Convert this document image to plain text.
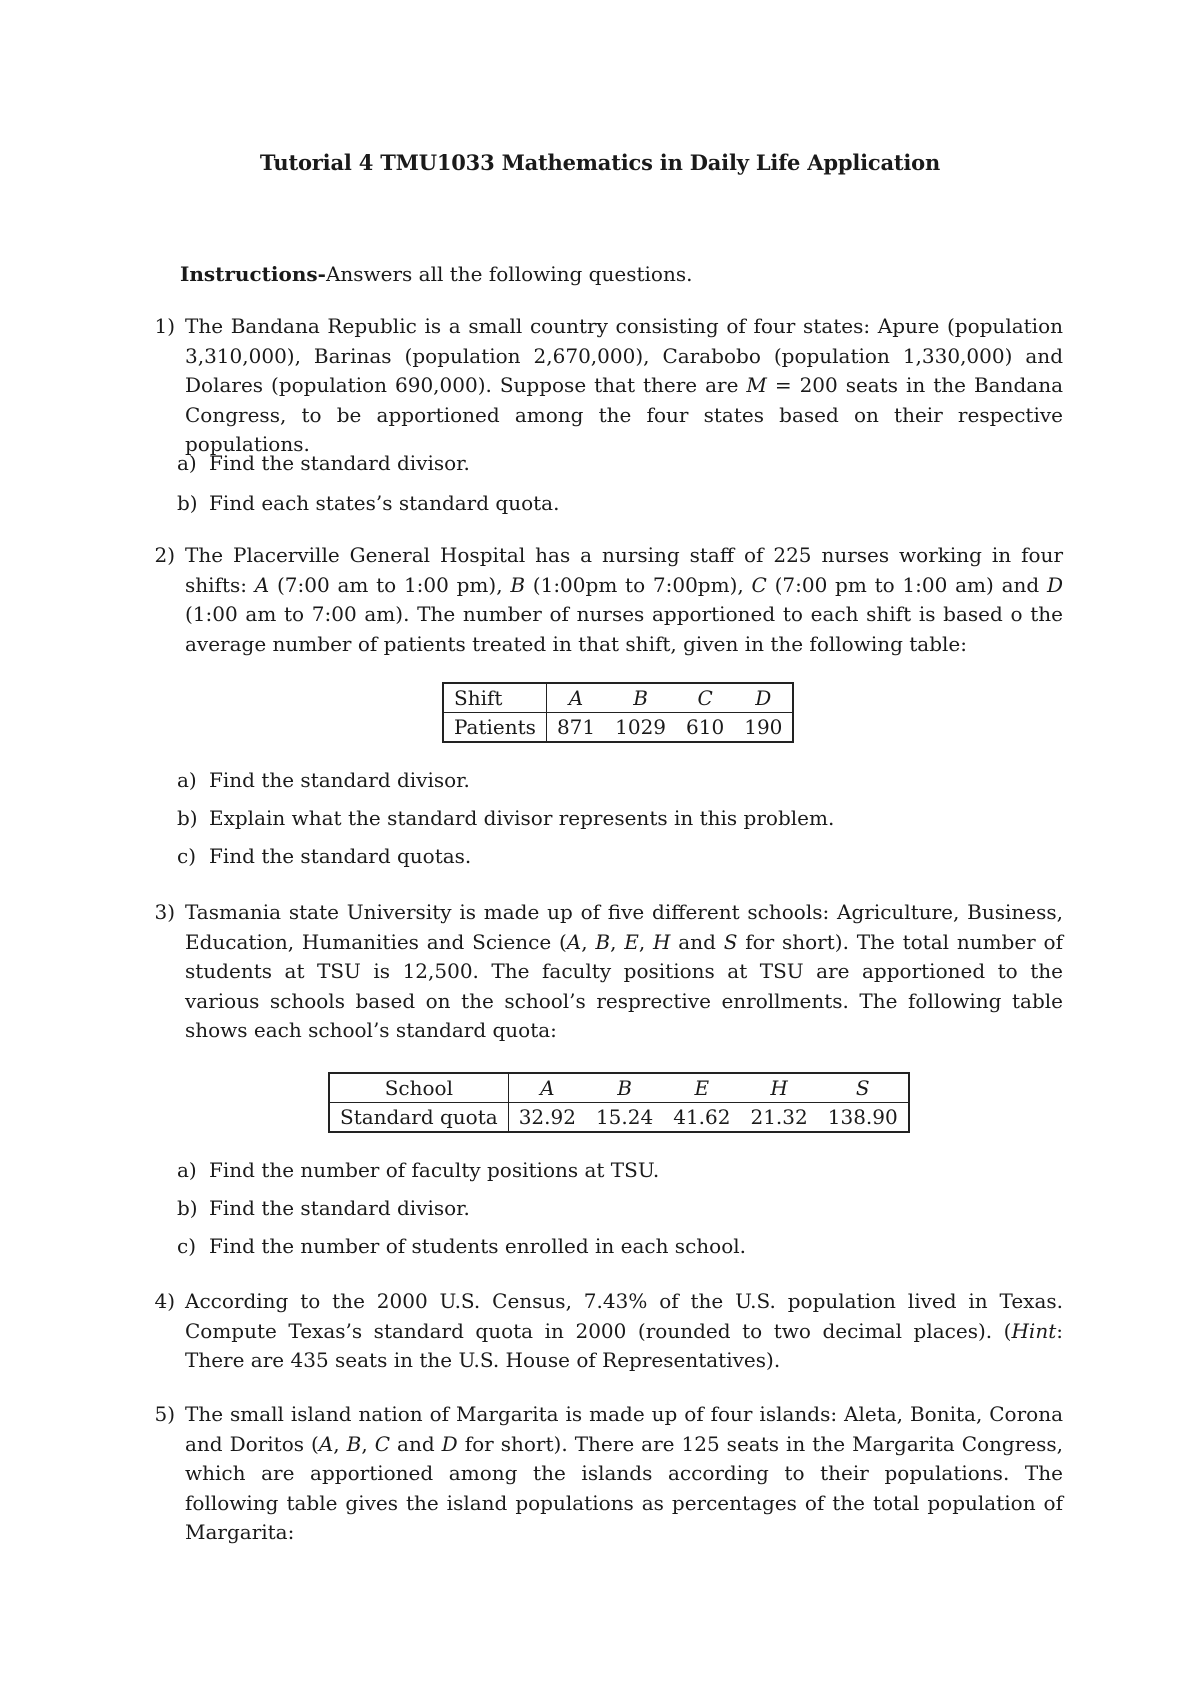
Tutorial 4 TMU1033 Mathematics in Daily Life Application
Instructions-Answers all the following questions.
1) The Bandana Republic is a small country consisting of four states: Apure (population 3,310,000), Barinas (population 2,670,000), Carabobo (population 1,330,000) and Dolares (population 690,000). Suppose that there are M = 200 seats in the Bandana Congress, to be apportioned among the four states based on their respective populations.
a) Find the standard divisor.
b) Find each states’s standard quota.
2) The Placerville General Hospital has a nursing staff of 225 nurses working in four shifts: A (7:00 am to 1:00 pm), B (1:00pm to 7:00pm), C (7:00 pm to 1:00 am) and D (1:00 am to 7:00 am). The number of nurses apportioned to each shift is based o the average number of patients treated in that shift, given in the following table:
Shift	A	B	C	D
Patients	871	1029	610	190
a) Find the standard divisor.
b) Explain what the standard divisor represents in this problem.
c) Find the standard quotas.
3) Tasmania state University is made up of five different schools: Agriculture, Business, Education, Humanities and Science (A, B, E, H and S for short). The total number of students at TSU is 12,500. The faculty positions at TSU are apportioned to the various schools based on the school’s resprective enrollments. The following table shows each school’s standard quota:
School	A	B	E	H	S
Standard quota	32.92	15.24	41.62	21.32	138.90
a) Find the number of faculty positions at TSU.
b) Find the standard divisor.
c) Find the number of students enrolled in each school.
4) According to the 2000 U.S. Census, 7.43% of the U.S. population lived in Texas. Compute Texas’s standard quota in 2000 (rounded to two decimal places). (Hint: There are 435 seats in the U.S. House of Representatives).
5) The small island nation of Margarita is made up of four islands: Aleta, Bonita, Corona and Doritos (A, B, C and D for short). There are 125 seats in the Margarita Congress, which are apportioned among the islands according to their populations. The following table gives the island populations as percentages of the total population of Margarita:
